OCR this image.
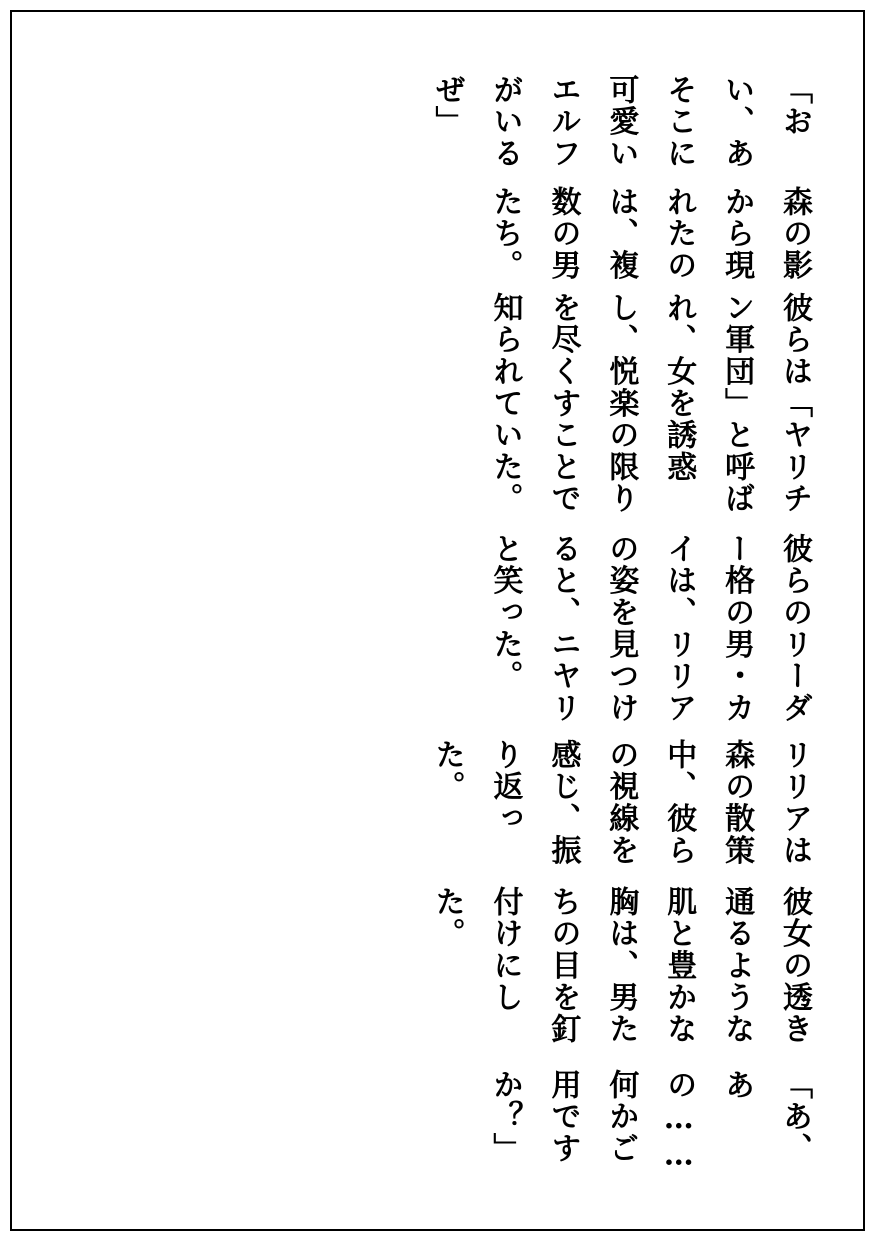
「おい、あそこに可愛いエルフがいるぜ」

森の影から現れたのは、複数の男たち。

彼らは「ヤリチン軍団」と呼ばれ、女を誘惑し、悦楽の限りを尽くすことで知られていた。

彼らのリーダー格の男・カイは、リリアの姿を見つけると、ニヤリと笑った。

リリアは森の散策中、彼らの視線を感じ、振り返った。

彼女の透き通るような肌と豊かな胸は、男たちの目を釘付けにした。

「あ、あの……何かご用ですか？」
